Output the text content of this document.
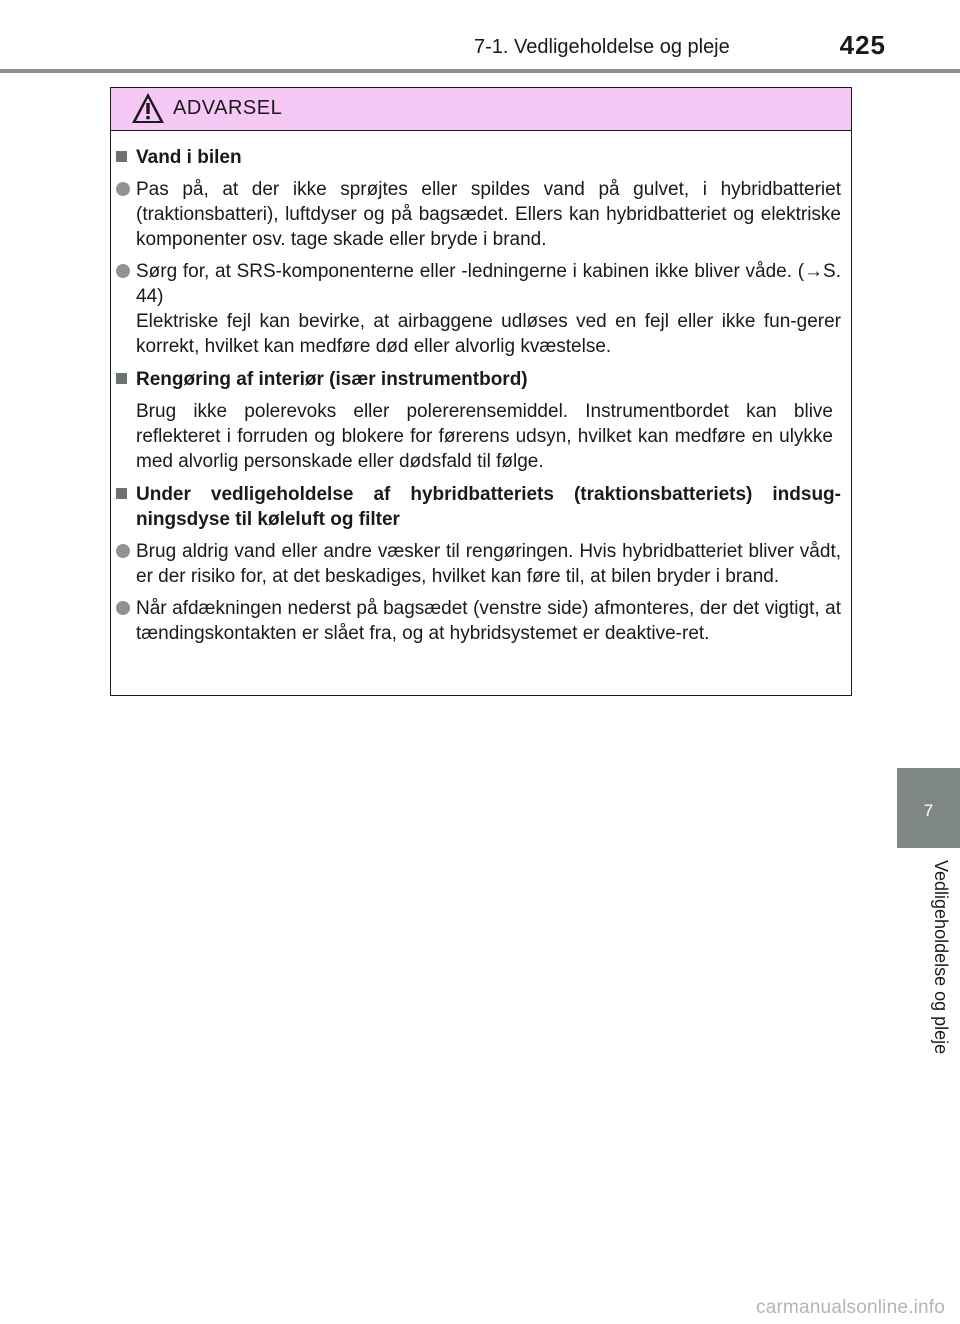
7-1. Vedligeholdelse og pleje	425
ADVARSEL
Vand i bilen
Pas på, at der ikke sprøjtes eller spildes vand på gulvet, i hybridbatteriet (traktionsbatteri), luftdyser og på bagsædet. Ellers kan hybridbatteriet og elektriske komponenter osv. tage skade eller bryde i brand.
Sørg for, at SRS-komponenterne eller -ledningerne i kabinen ikke bliver våde. (→S. 44)
Elektriske fejl kan bevirke, at airbaggene udløses ved en fejl eller ikke fun-gerer korrekt, hvilket kan medføre død eller alvorlig kvæstelse.
Rengøring af interiør (især instrumentbord)
Brug ikke polerevoks eller polererensemiddel. Instrumentbordet kan blive reflekteret i forruden og blokere for førerens udsyn, hvilket kan medføre en ulykke med alvorlig personskade eller dødsfald til følge.
Under vedligeholdelse af hybridbatteriets (traktionsbatteriets) indsug-ningsdyse til køleluft og filter
Brug aldrig vand eller andre væsker til rengøringen. Hvis hybridbatteriet bliver vådt, er der risiko for, at det beskadiges, hvilket kan føre til, at bilen bryder i brand.
Når afdækningen nederst på bagsædet (venstre side) afmonteres, der det vigtigt, at tændingskontakten er slået fra, og at hybridsystemet er deaktive-ret.
7
Vedligeholdelse og pleje
carmanualsonline.info
